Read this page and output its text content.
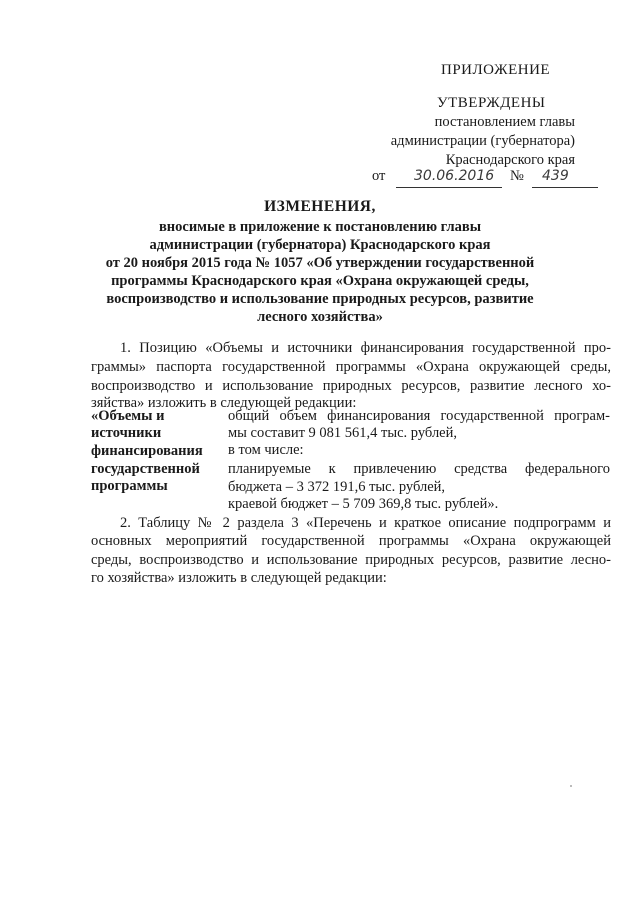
ПРИЛОЖЕНИЕ
УТВЕРЖДЕНЫ
постановлением главы
администрации (губернатора)
Краснодарского края
от 30.06.2016 № 439
ИЗМЕНЕНИЯ,
вносимые в приложение к постановлению главы
администрации (губернатора) Краснодарского края
от 20 ноября 2015 года № 1057 «Об утверждении государственной
программы Краснодарского края «Охрана окружающей среды,
воспроизводство и использование природных ресурсов, развитие
лесного хозяйства»
1. Позицию «Объемы и источники финансирования государственной про-
граммы» паспорта государственной программы «Охрана окружающей среды,
воспроизводство и использование природных ресурсов, развитие лесного хо-
зяйства» изложить в следующей редакции:
«Объемы и
источники
финансирования
государственной
программы
общий объем финансирования государственной програм-
мы составит 9 081 561,4 тыс. рублей,
в том числе:
планируемые к привлечению средства федерального
бюджета – 3 372 191,6 тыс. рублей,
краевой бюджет – 5 709 369,8 тыс. рублей».
2. Таблицу № 2 раздела 3 «Перечень и краткое описание подпрограмм и
основных мероприятий государственной программы «Охрана окружающей
среды, воспроизводство и использование природных ресурсов, развитие лесно-
го хозяйства» изложить в следующей редакции:
